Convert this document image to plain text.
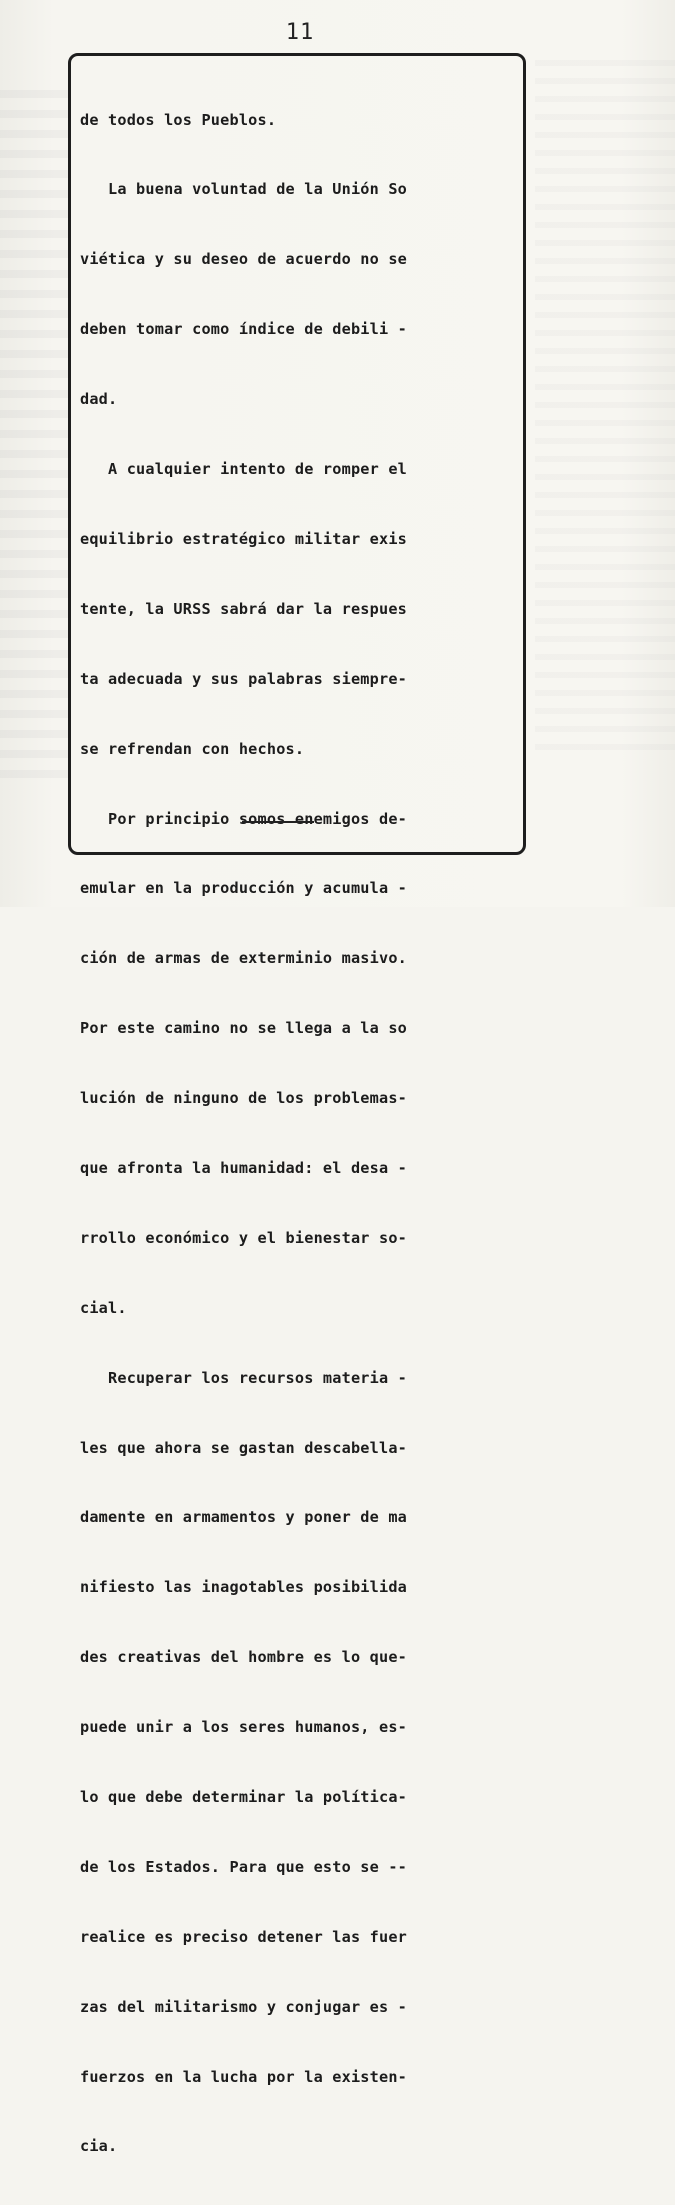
11

de todos los Pueblos.

La buena voluntad de la Unión So

viética y su deseo de acuerdo no se

deben tomar como índice de debili -

dad.

A cualquier intento de romper el

equilibrio estratégico militar exis

tente, la URSS sabrá dar la respues

ta adecuada y sus palabras siempre-

se refrendan con hechos.

Por principio somos enemigos de-

emular en la producción y acumula -

ción de armas de exterminio masivo.

Por este camino no se llega a la so

lución de ninguno de los problemas-

que afronta la humanidad: el desa -

rrollo económico y el bienestar so-

cial.

Recuperar los recursos materia -

les que ahora se gastan descabella-

damente en armamentos y poner de ma

nifiesto las inagotables posibilida

des creativas del hombre es lo que-

puede unir a los seres humanos, es-

lo que debe determinar la política-

de los Estados. Para que esto se --

realice es preciso detener las fuer

zas del militarismo y conjugar es -

fuerzos en la lucha por la existen-

cia.
